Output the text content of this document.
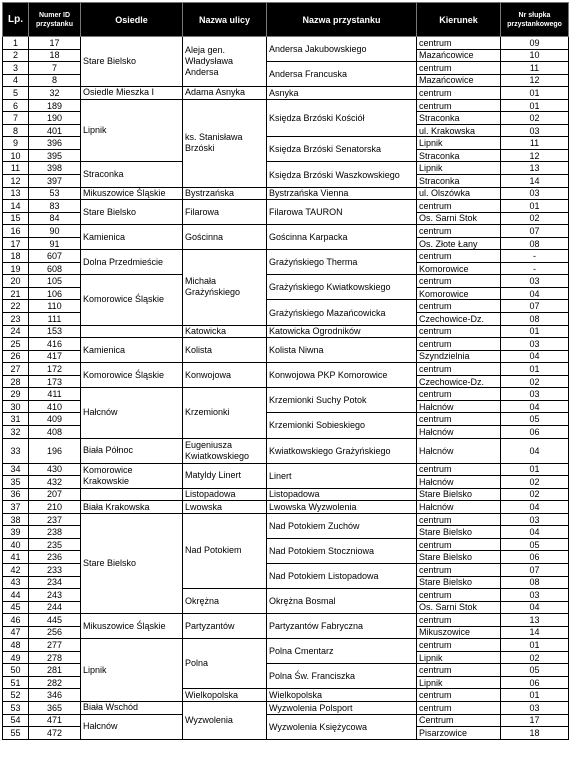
Lp.	Numer ID przystanku	Osiedle	Nazwa ulicy	Nazwa przystanku	Kierunek	Nr słupka przystankowego
1	17	Stare Bielsko	Aleja gen. Władysława Andersa	Andersa Jakubowskiego	centrum	09
2	18				Mazańcowice	10
3	7			Andersa Francuska	centrum	11
4	8				Mazańcowice	12
5	32	Osiedle Mieszka I	Adama Asnyka	Asnyka	centrum	01
6	189	Lipnik	ks. Stanisława Brzóski	Księdza Brzóski Kościół	centrum	01
7	190				Straconka	02
8	401				ul. Krakowska	03
9	396			Księdza Brzóski Senatorska	Lipnik	11
10	395				Straconka	12
11	398	Straconka		Księdza Brzóski Waszkowskiego	Lipnik	13
12	397				Straconka	14
13	53	Mikuszowice Śląskie	Bystrzańska	Bystrzańska Vienna	ul. Olszówka	03
14	83	Stare Bielsko	Filarowa	Filarowa TAURON	centrum	01
15	84				Os. Sarni Stok	02
16	90	Kamienica	Gościnna	Gościnna Karpacka	centrum	07
17	91				Os. Złote Łany	08
18	607	Dolna Przedmieście	Michała Grażyńskiego	Grażyńskiego Therma	centrum	-
19	608				Komorowice	-
20	105	Komorowice Śląskie		Grażyńskiego Kwiatkowskiego	centrum	03
21	106				Komorowice	04
22	110			Grażyńskiego Mazańcowicka	centrum	07
23	111				Czechowice-Dz.	08
24	153		Katowicka	Katowicka Ogrodników	centrum	01
25	416	Kamienica	Kolista	Kolista Niwna	centrum	03
26	417				Szyndzielnia	04
27	172	Komorowice Śląskie	Konwojowa	Konwojowa PKP Komorowice	centrum	01
28	173				Czechowice-Dz.	02
29	411	Hałcnów	Krzemionki	Krzemionki Suchy Potok	centrum	03
30	410				Hałcnów	04
31	409			Krzemionki Sobieskiego	centrum	05
32	408				Hałcnów	06
33	196	Biała Północ	Eugeniusza Kwiatkowskiego	Kwiatkowskiego Grażyńskiego	Hałcnów	04
34	430	Komorowice Krakowskie	Matyldy Linert	Linert	centrum	01
35	432				Hałcnów	02
36	207		Listopadowa	Listopadowa	Stare Bielsko	02
37	210	Biała Krakowska	Lwowska	Lwowska Wyzwolenia	Hałcnów	04
38	237	Stare Bielsko	Nad Potokiem	Nad Potokiem Zuchów	centrum	03
39	238				Stare Bielsko	04
40	235			Nad Potokiem Stoczniowa	centrum	05
41	236				Stare Bielsko	06
42	233			Nad Potokiem Listopadowa	centrum	07
43	234				Stare Bielsko	08
44	243		Okrężna	Okrężna Bosmal	centrum	03
45	244				Os. Sarni Stok	04
46	445	Mikuszowice Śląskie	Partyzantów	Partyzantów Fabryczna	centrum	13
47	256				Mikuszowice	14
48	277	Lipnik	Polna	Polna Cmentarz	centrum	01
49	278				Lipnik	02
50	281			Polna Św. Franciszka	centrum	05
51	282				Lipnik	06
52	346		Wielkopolska	Wielkopolska	centrum	01
53	365	Biała Wschód	Wyzwolenia	Wyzwolenia Polsport	centrum	03
54	471	Hałcnów		Wyzwolenia Księżycowa	Centrum	17
55	472				Pisarzowice	18
